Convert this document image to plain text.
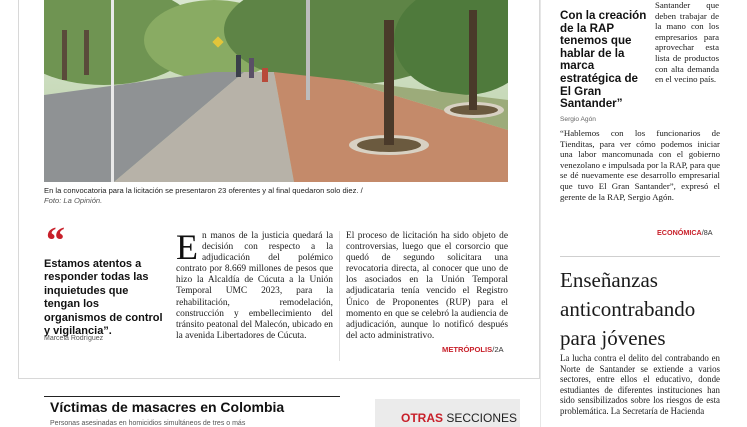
En la convocatoria para la licitación se presentaron 23 oferentes y al final quedaron solo diez. /
Foto: La Opinión.
“
Estamos atentos a responder todas las inquietudes que tengan los organismos de control y vigilancia”.
Marcela Rodríguez
En manos de la justicia quedará la decisión con respecto a la adjudicación del polémico contrato por 8.669 millones de pesos que hizo la Alcaldía de Cúcuta a la Unión Temporal UMC 2023, para la rehabilitación, remodelación, construcción y embellecimiento del tránsito peatonal del Malecón, ubicado en la avenida Libertadores de Cúcuta.
El proceso de licitación ha sido objeto de controversias, luego que el corsorcio que quedó de segundo solicitara una revocatoria directa, al conocer que uno de los asociados en la Unión Temporal adjudicataria tenía vencido el Registro Único de Proponentes (RUP) para el momento en que se celebró la audiencia de adjudicación, aunque lo notificó después del acto administrativo.
METRÓPOLIS/2A
Con la creación de la RAP tenemos que hablar de la marca estratégica de El Gran Santander”
Sergio Agón
Santander que deben trabajar de la mano con los empresarios para aprovechar esta lista de productos con alta demanda en el vecino país.
“Hablemos con los funcionarios de Tienditas, para ver cómo podemos iniciar una labor mancomunada con el gobierno venezolano e impulsada por la RAP, para que se dé nuevamente ese desarrollo empresarial que tuvo El Gran Santander”, expresó el gerente de la RAP, Sergio Agón.
ECONÓMICA/8A
Enseñanzas anticontrabando para jóvenes
La lucha contra el delito del contrabando en Norte de Santander se extiende a varios sectores, entre ellos el educativo, donde estudiantes de diferentes instituciones han sido sensibilizados sobre los riesgos de esta problemática. La Secretaría de Hacienda
Víctimas de masacres en Colombia
Personas asesinadas en homicidios simultáneos de tres o más	OTRAS SECCIONES
